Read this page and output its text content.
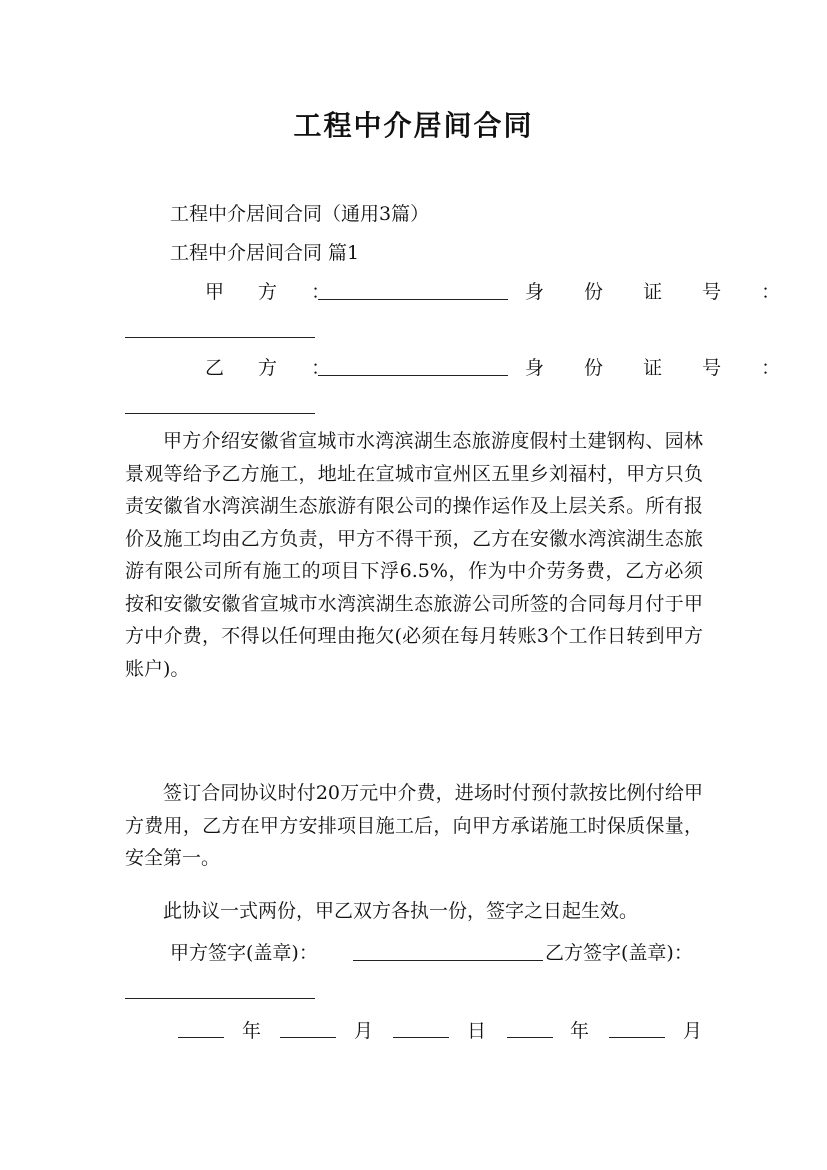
工程中介居间合同
工程中介居间合同（通用3篇）
工程中介居间合同 篇1
甲 方 ：	身 份 证 号 ：
乙 方 ：	身 份 证 号 ：

甲方介绍安徽省宣城市水湾滨湖生态旅游度假村土建钢构、园林景观等给予乙方施工，地址在宣城市宣州区五里乡刘福村，甲方只负责安徽省水湾滨湖生态旅游有限公司的操作运作及上层关系。所有报价及施工均由乙方负责，甲方不得干预，乙方在安徽水湾滨湖生态旅游有限公司所有施工的项目下浮6.5%，作为中介劳务费，乙方必须按和安徽安徽省宣城市水湾滨湖生态旅游公司所签的合同每月付于甲方中介费，不得以任何理由拖欠(必须在每月转账3个工作日转到甲方账户)。

签订合同协议时付20万元中介费，进场时付预付款按比例付给甲方费用，乙方在甲方安排项目施工后，向甲方承诺施工时保质保量，安全第一。

此协议一式两份，甲乙双方各执一份，签字之日起生效。

甲方签字(盖章)：	乙方签字(盖章)：
年	月	日	年	月
